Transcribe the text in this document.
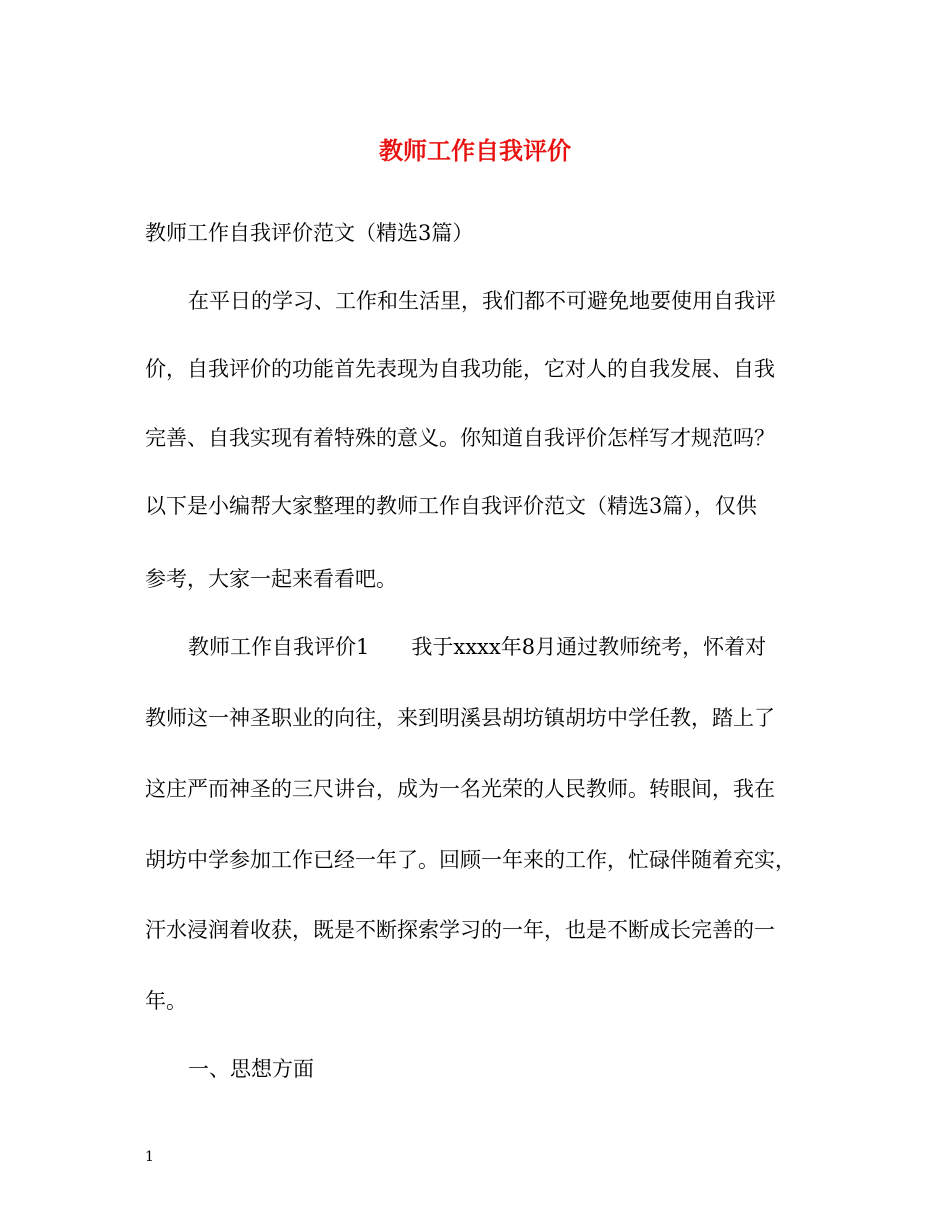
教师工作自我评价
教师工作自我评价范文（精选3篇）
在平日的学习、工作和生活里，我们都不可避免地要使用自我评
价，自我评价的功能首先表现为自我功能，它对人的自我发展、自我
完善、自我实现有着特殊的意义。你知道自我评价怎样写才规范吗？
以下是小编帮大家整理的教师工作自我评价范文（精选3篇），仅供
参考，大家一起来看看吧。
教师工作自我评价1 我于xxxx年8月通过教师统考，怀着对
教师这一神圣职业的向往，来到明溪县胡坊镇胡坊中学任教，踏上了
这庄严而神圣的三尺讲台，成为一名光荣的人民教师。转眼间，我在
胡坊中学参加工作已经一年了。回顾一年来的工作，忙碌伴随着充实，
汗水浸润着收获，既是不断探索学习的一年，也是不断成长完善的一
年。
一、思想方面
1
